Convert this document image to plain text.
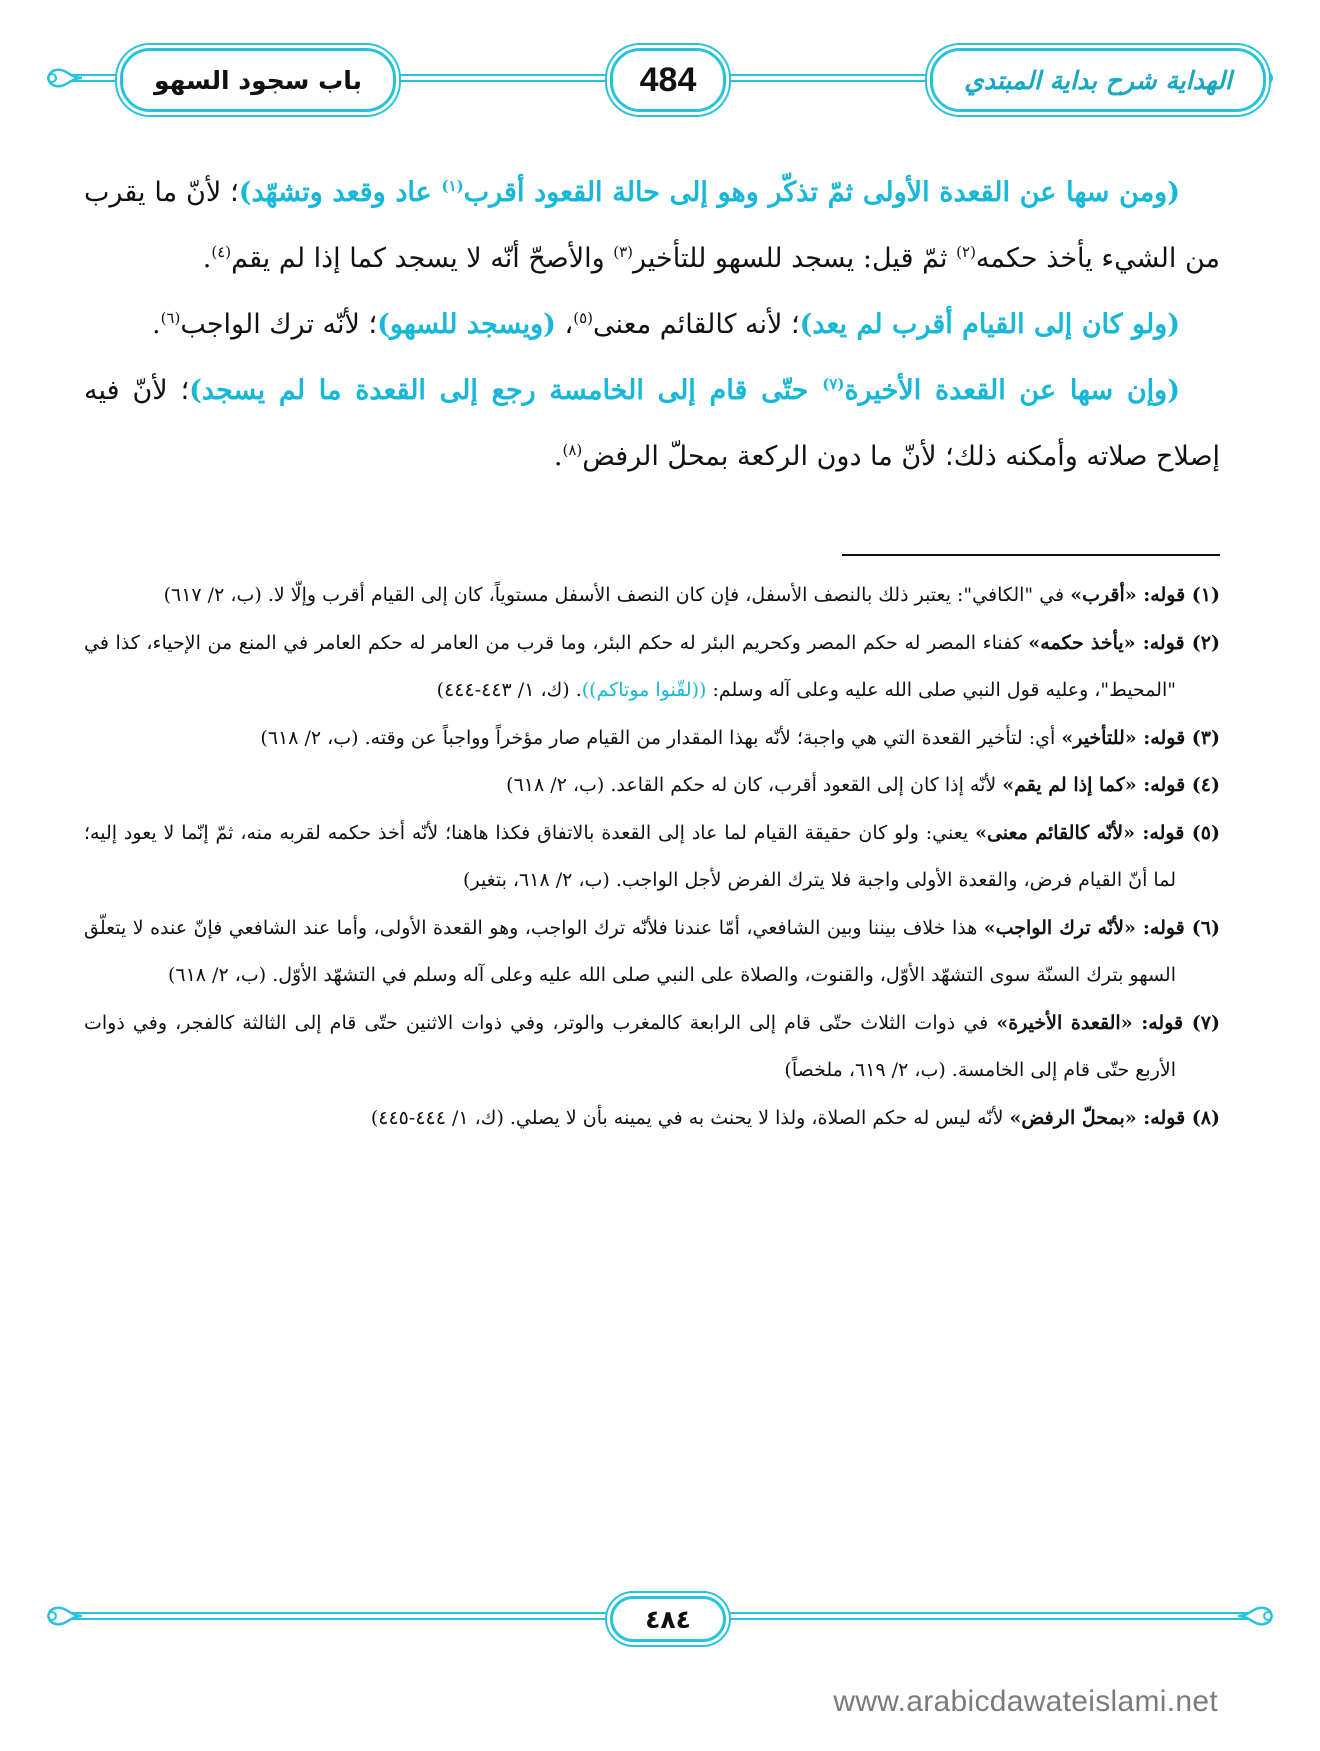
باب سجود السهو	484	الهداية شرح بداية المبتدي

(ومن سها عن القعدة الأولى ثمّ تذكّر وهو إلى حالة القعود أقرب$^{(١)}$ عاد وقعد وتشهّد)؛ لأنّ ما يقرب من الشيء يأخذ حكمه$^{(٢)}$ ثمّ قيل: يسجد للسهو للتأخير$^{(٣)}$ والأصحّ أنّه لا يسجد كما إذا لم يقم$^{(٤)}$.

(ولو كان إلى القيام أقرب لم يعد)؛ لأنه كالقائم معنى$^{(٥)}$، (ويسجد للسهو)؛ لأنّه ترك الواجب$^{(٦)}$.

(وإن سها عن القعدة الأخيرة$^{(٧)}$ حتّى قام إلى الخامسة رجع إلى القعدة ما لم يسجد)؛ لأنّ فيه إصلاح صلاته وأمكنه ذلك؛ لأنّ ما دون الركعة بمحلّ الرفض$^{(٨)}$.

(١) قوله: «أقرب» في "الكافي": يعتبر ذلك بالنصف الأسفل، فإن كان النصف الأسفل مستوياً، كان إلى القيام أقرب وإلّا لا. (ب، ٢/ ٦١٧)

(٢) قوله: «يأخذ حكمه» كفناء المصر له حكم المصر وكحريم البئر له حكم البئر، وما قرب من العامر له حكم العامر في المنع من الإحياء، كذا في "المحيط"، وعليه قول النبي صلى الله عليه وعلى آله وسلم: ((لقّنوا موتاكم)). (ك، ١/ ٤٤٣-٤٤٤)

(٣) قوله: «للتأخير» أي: لتأخير القعدة التي هي واجبة؛ لأنّه بهذا المقدار من القيام صار مؤخراً وواجباً عن وقته. (ب، ٢/ ٦١٨)

(٤) قوله: «كما إذا لم يقم» لأنّه إذا كان إلى القعود أقرب، كان له حكم القاعد. (ب، ٢/ ٦١٨)

(٥) قوله: «لأنّه كالقائم معنى» يعني: ولو كان حقيقة القيام لما عاد إلى القعدة بالاتفاق فكذا هاهنا؛ لأنّه أخذ حكمه لقربه منه، ثمّ إنّما لا يعود إليه؛ لما أنّ القيام فرض، والقعدة الأولى واجبة فلا يترك الفرض لأجل الواجب. (ب، ٢/ ٦١٨، بتغير)

(٦) قوله: «لأنّه ترك الواجب» هذا خلاف بيننا وبين الشافعي، أمّا عندنا فلأنّه ترك الواجب، وهو القعدة الأولى، وأما عند الشافعي فإنّ عنده لا يتعلّق السهو بترك السنّة سوى التشهّد الأوّل، والقنوت، والصلاة على النبي صلى الله عليه وعلى آله وسلم في التشهّد الأوّل. (ب، ٢/ ٦١٨)

(٧) قوله: «القعدة الأخيرة» في ذوات الثلاث حتّى قام إلى الرابعة كالمغرب والوتر، وفي ذوات الاثنين حتّى قام إلى الثالثة كالفجر، وفي ذوات الأربع حتّى قام إلى الخامسة. (ب، ٢/ ٦١٩، ملخصاً)

(٨) قوله: «بمحلّ الرفض» لأنّه ليس له حكم الصلاة، ولذا لا يحنث به في يمينه بأن لا يصلي. (ك، ١/ ٤٤٤-٤٤٥)

٤٨٤
www.arabicdawateislami.net
